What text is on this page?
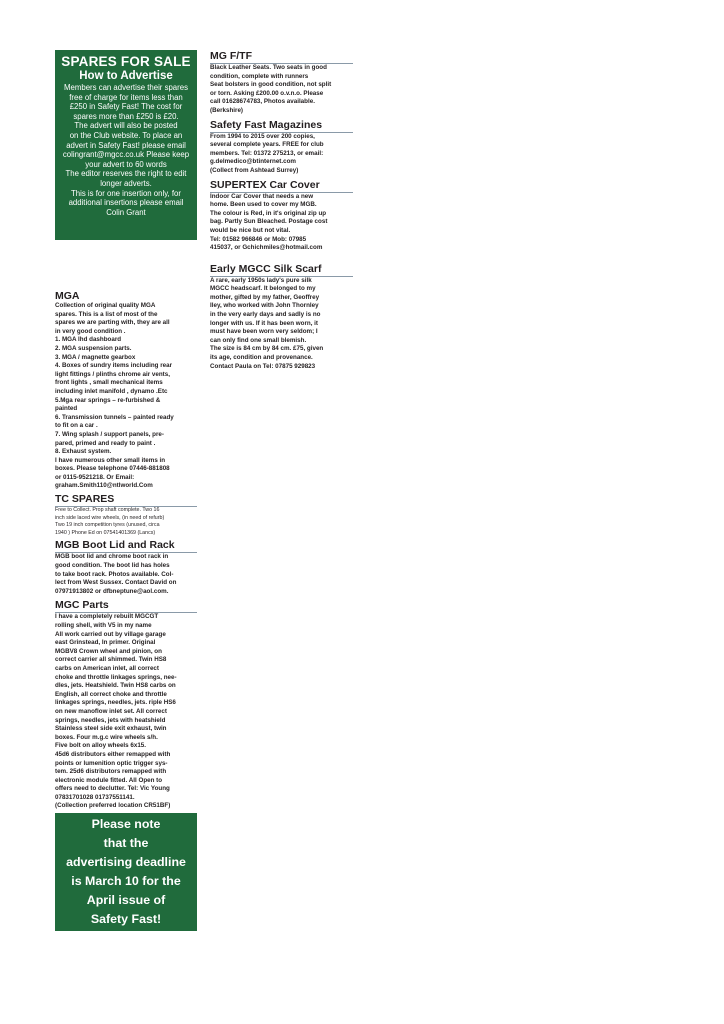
SPARES FOR SALE
How to Advertise
Members can advertise their spares
free of charge for items less than
£250 in Safety Fast! The cost for
spares more than £250 is £20.
The advert will also be posted
on the Club website. To place an
advert in Safety Fast! please email
colingrant@mgcc.co.uk Please keep
your advert to 60 words
The editor reserves the right to edit
longer adverts.
This is for one insertion only, for
additional insertions please email
Colin Grant
MGA
Collection of original quality MGA
spares. This is a list of most of the
spares we are parting with, they are all
in very good condition .
1. MGA lhd dashboard
2. MGA suspension parts.
3. MGA / magnette gearbox
4. Boxes of sundry items including rear
light fittings / plinths chrome air vents,
front lights , small mechanical items
including inlet manifold , dynamo .Etc
5.Mga rear springs – re-furbished &
painted
6. Transmission tunnels – painted ready
to fit on a car .
7. Wing splash / support panels, pre-
pared, primed and ready to paint .
8. Exhaust system.
I have numerous other small items in
boxes. Please telephone 07446-881808
or 0115-9521218. Or Email:
graham.Smith110@ntlworld.Com
TC SPARES
Free to Collect. Prop shaft complete. Two 16
inch side laced wire wheels, (in need of refurb)
Two 19 inch competition tyres (unused, circa
1940 ) Phone Ed on 07541401369 (Lancs)
MGB Boot Lid and Rack
MGB boot lid and chrome boot rack in
good condition. The boot lid has holes
to take boot rack. Photos available. Col-
lect from West Sussex. Contact David on
07971913802 or dfbneptune@aol.com.
MGC Parts
I have a completely rebuilt MGCGT
rolling shell, with V5 in my name
All work carried out by village garage
east Grinstead, In primer. Original
MGBV8 Crown wheel and pinion, on
correct carrier all shimmed. Twin HS8
carbs on American inlet, all correct
choke and throttle linkages springs, nee-
dles, jets. Heatshield. Twin HS8 carbs on
English, all correct choke and throttle
linkages springs, needles, jets. riple HS6
on new manoflow inlet set. All correct
springs, needles, jets with heatshield
Stainless steel side exit exhaust, twin
boxes. Four m.g.c wire wheels s/h.
Five bolt on alloy wheels 6x15.
45d6 distributors either remapped with
points or lumenition optic trigger sys-
tem. 25d6 distributors remapped with
electronic module fitted. All Open to
offers need to declutter. Tel: Vic Young
07831701028 01737551141.
(Collection preferred location CR51BF)
Please note
that the
advertising deadline
is March 10 for the
April issue of
Safety Fast!
MG F/TF
Black Leather Seats. Two seats in good
condition, complete with runners
Seat bolsters in good condition, not split
or torn. Asking £200.00 o.v.n.o. Please
call 01628674783, Photos available.
(Berkshire)
Safety Fast Magazines
From 1994 to 2015 over 200 copies,
several complete years. FREE for club
members. Tel: 01372 275213, or email:
g.delmedico@btinternet.com
(Collect from Ashtead Surrey)
SUPERTEX Car Cover
Indoor Car Cover that needs a new
home. Been used to cover my MGB.
The colour is Red, in it's original zip up
bag. Partly Sun Bleached. Postage cost
would be nice but not vital.
Tel: 01582 966846 or Mob: 07985
415037, or Gchichmiles@hotmail.com
Early MGCC Silk Scarf
A rare, early 1950s lady's pure silk
MGCC headscarf. It belonged to my
mother, gifted by my father, Geoffrey
Iley, who worked with John Thornley
in the very early days and sadly is no
longer with us. If it has been worn, it
must have been worn very seldom; I
can only find one small blemish.
The size is 84 cm by 84 cm. £75, given
its age, condition and provenance.
Contact Paula on Tel: 07875 929823
